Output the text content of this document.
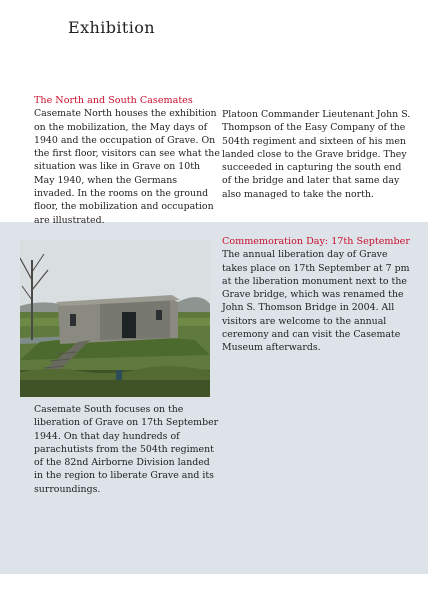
Exhibition
The North and South Casemates

Casemate North houses the exhibition on the mobilization, the May days of 1940 and the occupation of Grave. On the first floor, visitors can see what the situation was like in Grave on 10th May 1940, when the Germans invaded. In the rooms on the ground floor, the mobilization and occupation are illustrated.

Platoon Commander Lieutenant John S. Thompson of the Easy Company of the 504th regiment and sixteen of his men landed close to the Grave bridge. They succeeded in capturing the south end of the bridge and later that same day also managed to take the north.

Commemoration Day: 17th September

The annual liberation day of Grave takes place on 17th September at 7 pm at the liberation monument next to the Grave bridge, which was renamed the John S. Thomson Bridge in 2004. All visitors are welcome to the annual ceremony and can visit the Casemate Museum afterwards.

Casemate South focuses on the liberation of Grave on 17th September 1944. On that day hundreds of parachutists from the 504th regiment of the 82nd Airborne Division landed in the region to liberate Grave and its surroundings.
